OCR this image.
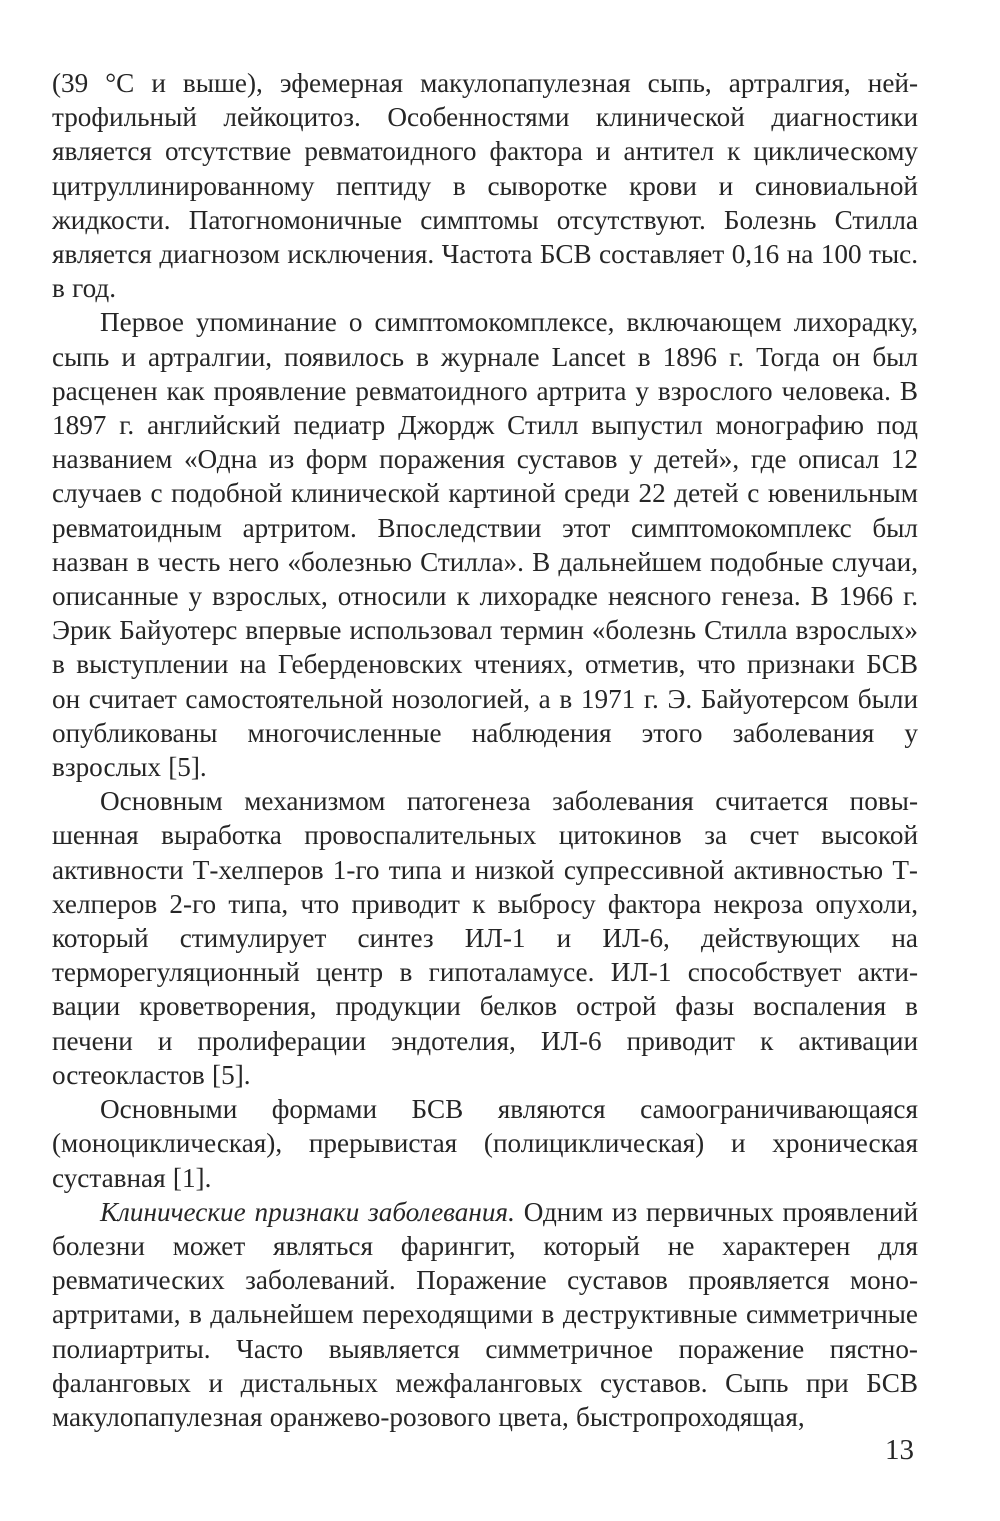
(39 °С и выше), эфемерная макулопапулезная сыпь, артралгия, нейтрофильный лейкоцитоз. Особенностями клинической диагностики является отсутствие ревматоидного фактора и антител к циклическому цитруллинированному пептиду в сыворотке крови и синовиальной жидкости. Патогномоничные симптомы отсутствуют. Болезнь Стилла является диагнозом исключения. Частота БСВ составляет 0,16 на 100 тыс. в год.

Первое упоминание о симптомокомплексе, включающем лихорадку, сыпь и артралгии, появилось в журнале Lancet в 1896 г. Тогда он был расценен как проявление ревматоидного артрита у взрослого человека. В 1897 г. английский педиатр Джордж Стилл выпустил монографию под названием «Одна из форм поражения суставов у детей», где описал 12 случаев с подобной клинической картиной среди 22 детей с ювенильным ревматоидным артритом. Впоследствии этот симптомокомплекс был назван в честь него «болезнью Стилла». В дальнейшем подобные случаи, описанные у взрослых, относили к лихорадке неясного генеза. В 1966 г. Эрик Байуотерс впервые использовал термин «болезнь Стилла взрослых» в выступлении на Геберденовских чтениях, отметив, что признаки БСВ он считает самостоятельной нозологией, а в 1971 г. Э. Байуотерсом были опубликованы многочисленные наблюдения этого заболевания у взрослых [5].

Основным механизмом патогенеза заболевания считается повышенная выработка провоспалительных цитокинов за счет высокой активности Т-хелперов 1-го типа и низкой супрессивной активностью Т-хелперов 2-го типа, что приводит к выбросу фактора некроза опухоли, который стимулирует синтез ИЛ-1 и ИЛ-6, действующих на терморегуляционный центр в гипоталамусе. ИЛ-1 способствует активации кроветворения, продукции белков острой фазы воспаления в печени и пролиферации эндотелия, ИЛ-6 приводит к активации остеокластов [5].

Основными формами БСВ являются самоограничивающаяся (моноциклическая), прерывистая (полициклическая) и хроническая суставная [1].

Клинические признаки заболевания. Одним из первичных проявлений болезни может являться фарингит, который не характерен для ревматических заболеваний. Поражение суставов проявляется моноартритами, в дальнейшем переходящими в деструктивные симметричные полиартриты. Часто выявляется симметричное поражение пястно-фаланговых и дистальных межфаланговых суставов. Сыпь при БСВ макулопапулезная оранжево-розового цвета, быстропроходящая,

13
